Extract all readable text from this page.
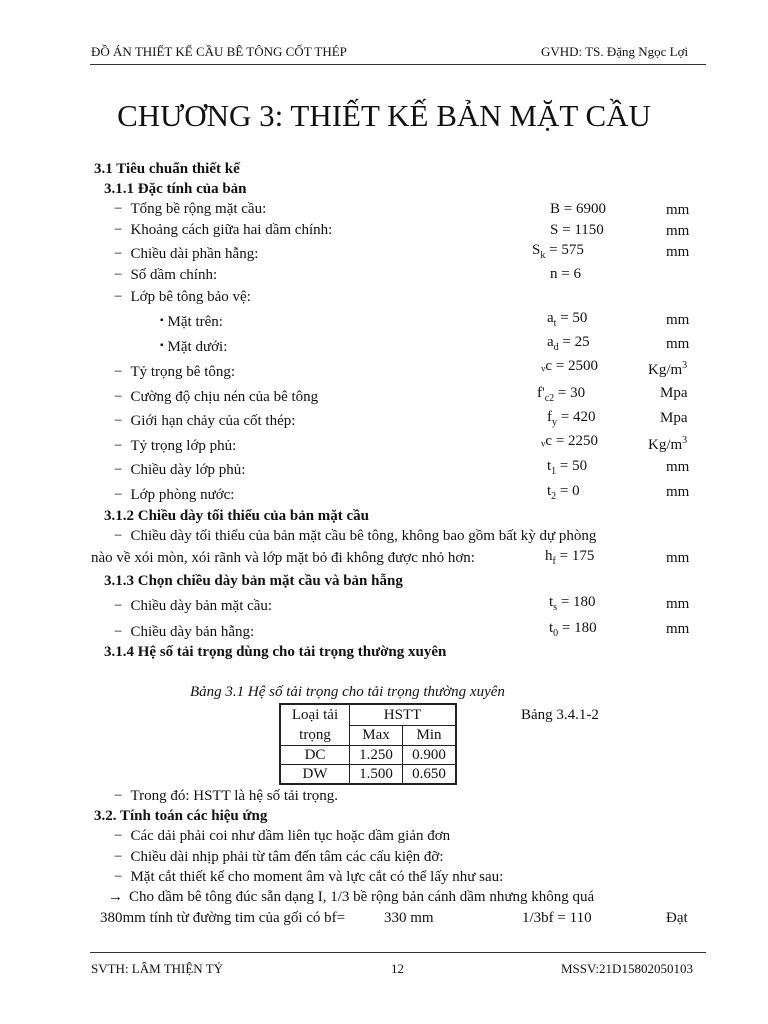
ĐỒ ÁN THIẾT KẾ CẦU BÊ TÔNG CỐT THÉP	GVHD: TS. Đặng Ngọc Lợi
CHƯƠNG 3: THIẾT KẾ BẢN MẶT CẦU
3.1 Tiêu chuẩn thiết kế
3.1.1 Đặc tính của bản
− Tổng bề rộng mặt cầu:	B = 6900	mm
− Khoảng cách giữa hai dầm chính:	S = 1150	mm
− Chiều dài phần hẫng:	$S_k = 575$	mm
− Số dầm chính:	n = 6
− Lớp bê tông bảo vệ:
▪ Mặt trên:	$a_t = 50$	mm
▪ Mặt dưới:	$a_d = 25$	mm
− Tỷ trọng bê tông:	ᵥc = 2500	$Kg/m^3$
− Cường độ chịu nén của bê tông	$f'_{c2} = 30$	Mpa
− Giới hạn chảy của cốt thép:	$f_y = 420$	Mpa
− Tỷ trọng lớp phủ:	ᵥc = 2250	$Kg/m^3$
− Chiều dày lớp phủ:	$t_1 = 50$	mm
− Lớp phòng nước:	$t_2 = 0$	mm
3.1.2 Chiều dày tối thiểu của bản mặt cầu
− Chiều dày tối thiểu của bản mặt cầu bê tông, không bao gồm bất kỳ dự phòng
nào về xói mòn, xói rãnh và lớp mặt bỏ đi không được nhỏ hơn:	$h_f = 175$	mm
3.1.3 Chọn chiều dày bản mặt cầu và bản hẫng
− Chiều dày bản mặt cầu:	$t_s = 180$	mm
− Chiều dày bản hẫng:	$t_0 = 180$	mm
3.1.4 Hệ số tải trọng dùng cho tải trọng thường xuyên
Bảng 3.1 Hệ số tải trọng cho tải trọng thường xuyên
Bảng 3.4.1-2
Loại tải
trọng	HSTT	
	Max	Min
DC	1.250	0.900
DW	1.500	0.650
− Trong đó: HSTT là hệ số tải trọng.
3.2. Tính toán các hiệu ứng
− Các dải phải coi như dầm liên tục hoặc dầm giản đơn
− Chiều dài nhịp phải từ tâm đến tâm các cấu kiện đỡ:
− Mặt cắt thiết kế cho moment âm và lực cắt có thể lấy như sau:
→ Cho dầm bê tông đúc sẵn dạng I, 1/3 bề rộng bản cánh dầm nhưng không quá
380mm tính từ đường tim của gối có bf=	330 mm	1/3bf = 110	Đạt
SVTH: LÂM THIỆN TỶ	12	MSSV:21D15802050103
